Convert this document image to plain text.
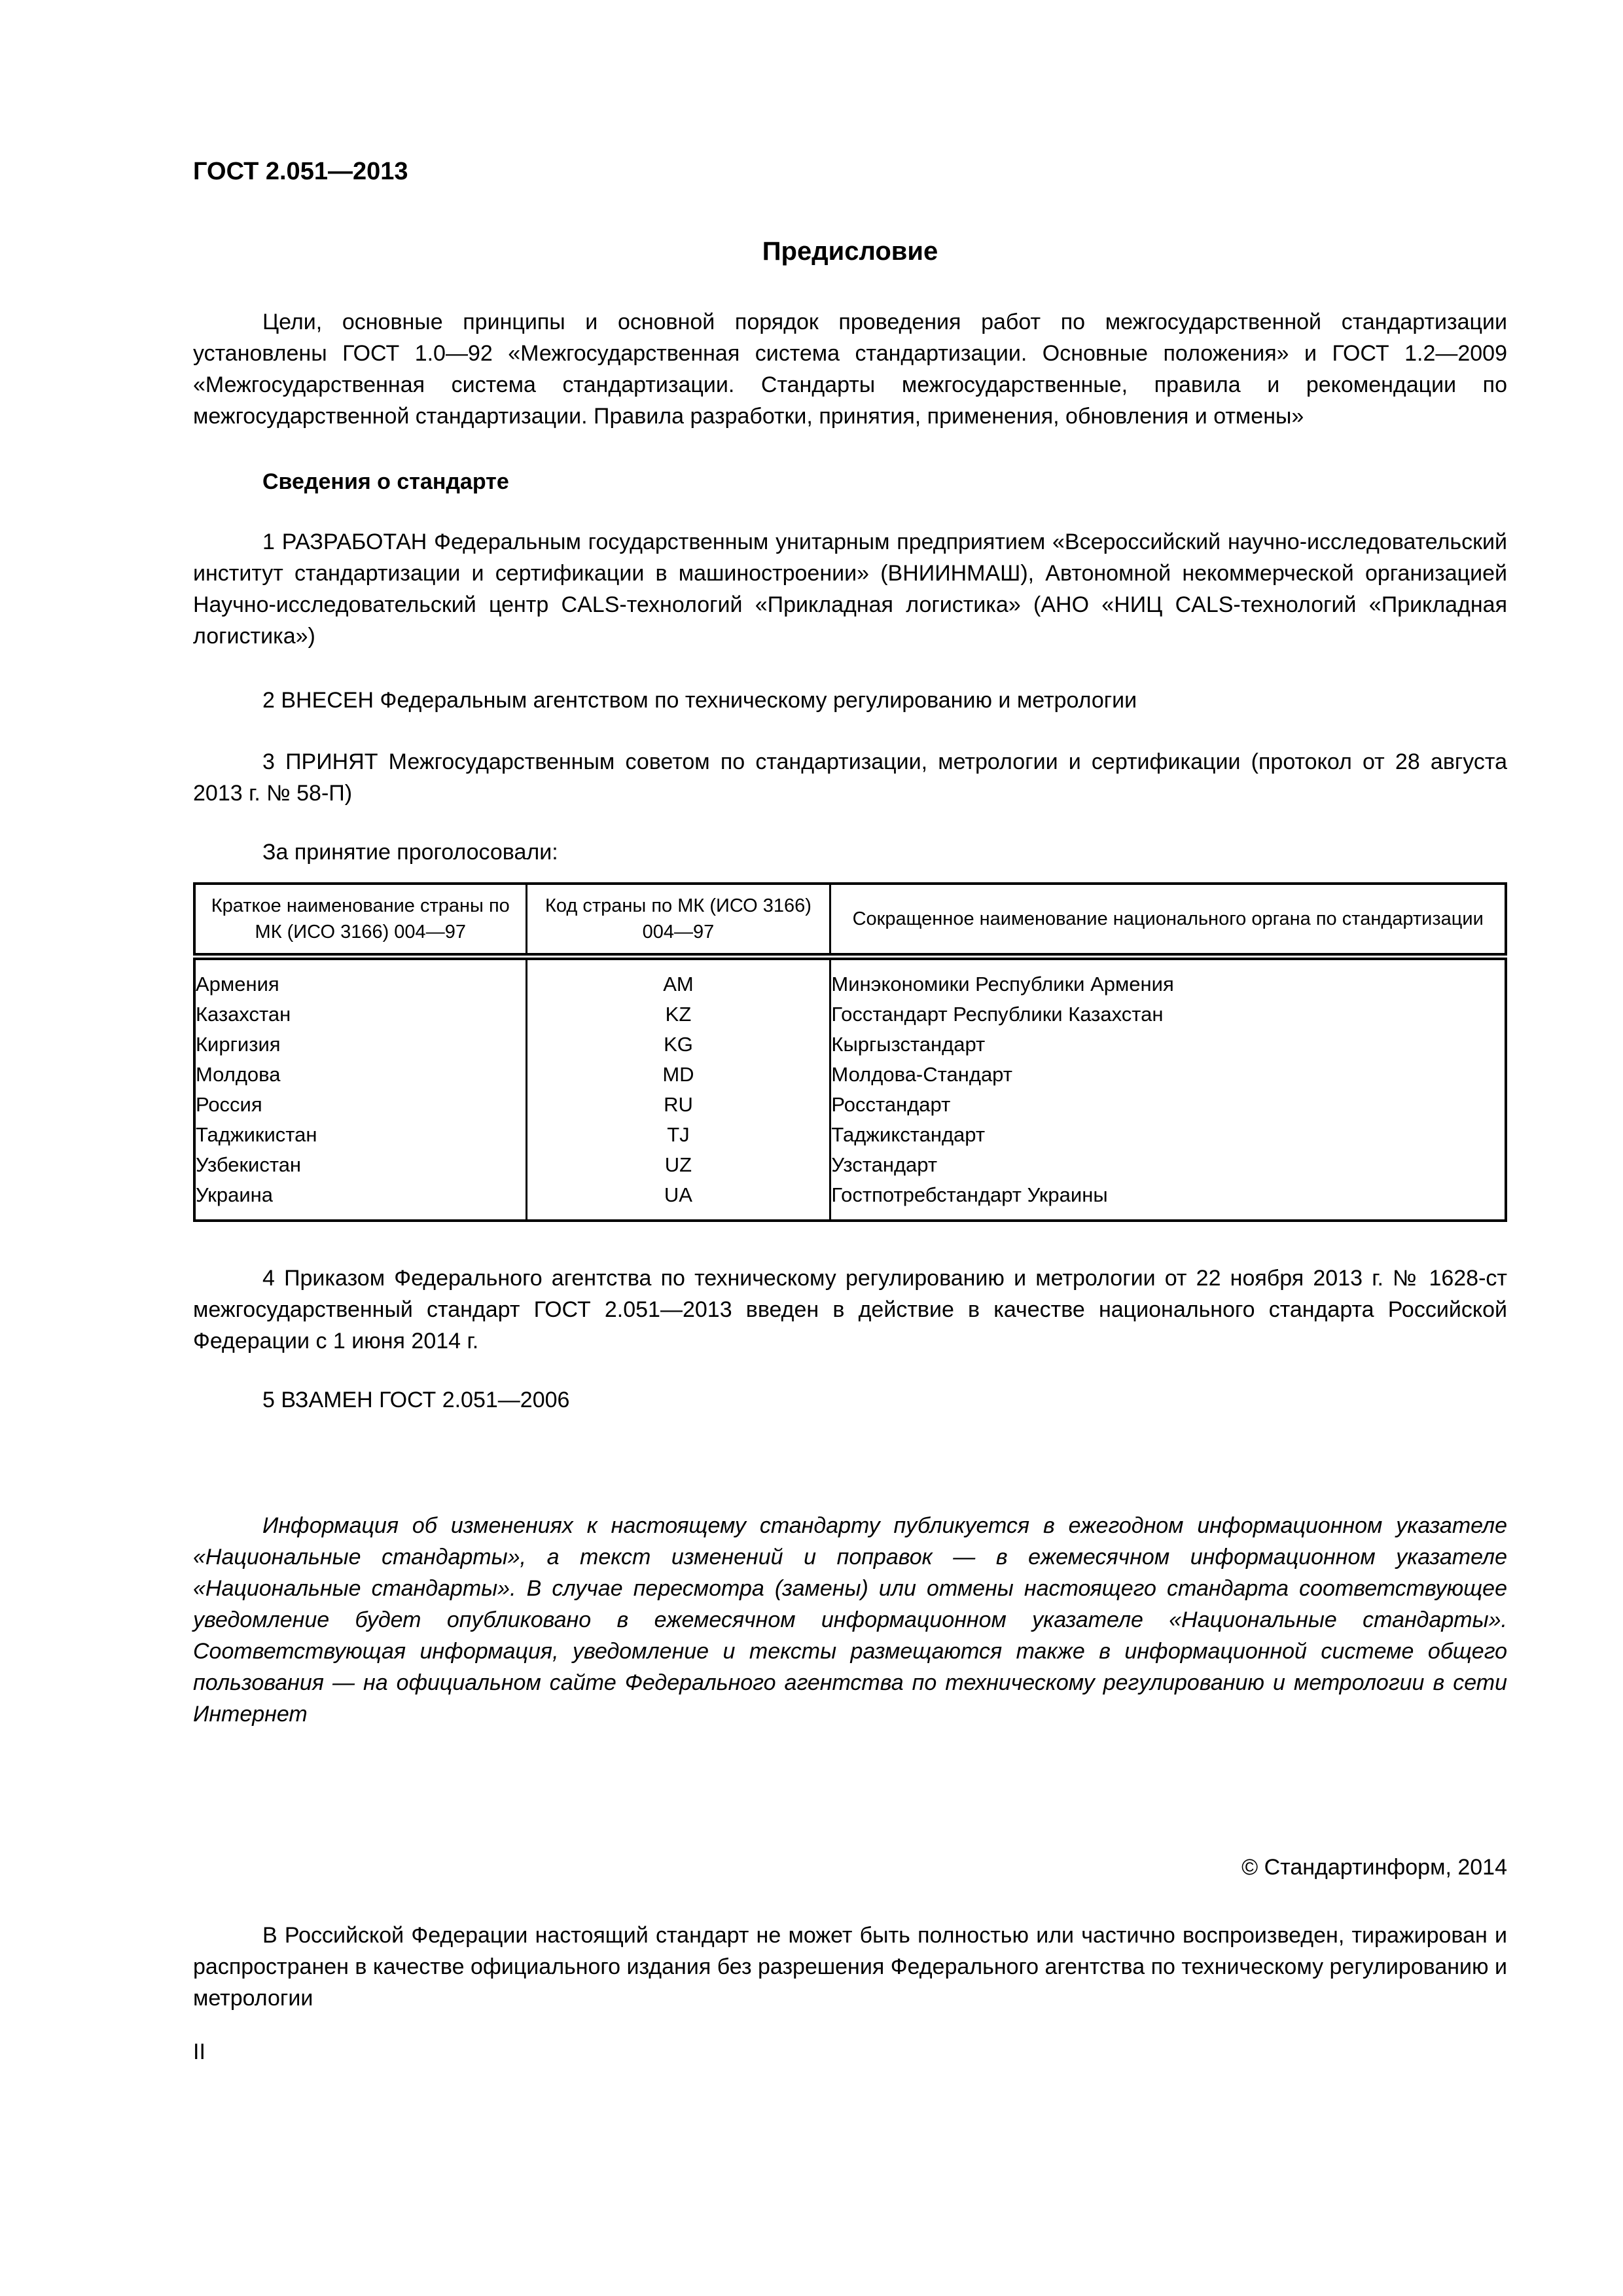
ГОСТ 2.051—2013
Предисловие

Цели, основные принципы и основной порядок проведения работ по межгосударственной стандартизации установлены ГОСТ 1.0—92 «Межгосударственная система стандартизации. Основные положения» и ГОСТ 1.2—2009 «Межгосударственная система стандартизации. Стандарты межгосударственные, правила и рекомендации по межгосударственной стандартизации. Правила разработки, принятия, применения, обновления и отмены»

Сведения о стандарте

1 РАЗРАБОТАН Федеральным государственным унитарным предприятием «Всероссийский научно-исследовательский институт стандартизации и сертификации в машиностроении» (ВНИИНМАШ), Автономной некоммерческой организацией Научно-исследовательский центр CALS-технологий «Прикладная логистика» (АНО «НИЦ CALS-технологий «Прикладная логистика»)

2 ВНЕСЕН Федеральным агентством по техническому регулированию и метрологии

3 ПРИНЯТ Межгосударственным советом по стандартизации, метрологии и сертификации (протокол от 28 августа 2013 г. № 58-П)

За принятие проголосовали:

Краткое наименование страны по МК (ИСО 3166) 004—97	Код страны по МК (ИСО 3166) 004—97	Сокращенное наименование национального органа по стандартизации
Армения	AM	Минэкономики Республики Армения
Казахстан	KZ	Госстандарт Республики Казахстан
Киргизия	KG	Кыргызстандарт
Молдова	MD	Молдова-Стандарт
Россия	RU	Росстандарт
Таджикистан	TJ	Таджикстандарт
Узбекистан	UZ	Узстандарт
Украина	UA	Гостпотребстандарт Украины

4 Приказом Федерального агентства по техническому регулированию и метрологии от 22 ноября 2013 г. № 1628-ст межгосударственный стандарт ГОСТ 2.051—2013 введен в действие в качестве национального стандарта Российской Федерации с 1 июня 2014 г.

5 ВЗАМЕН ГОСТ 2.051—2006

Информация об изменениях к настоящему стандарту публикуется в ежегодном информационном указателе «Национальные стандарты», а текст изменений и поправок — в ежемесячном информационном указателе «Национальные стандарты». В случае пересмотра (замены) или отмены настоящего стандарта соответствующее уведомление будет опубликовано в ежемесячном информационном указателе «Национальные стандарты». Соответствующая информация, уведомление и тексты размещаются также в информационной системе общего пользования — на официальном сайте Федерального агентства по техническому регулированию и метрологии в сети Интернет

© Стандартинформ, 2014

В Российской Федерации настоящий стандарт не может быть полностью или частично воспроизведен, тиражирован и распространен в качестве официального издания без разрешения Федерального агентства по техническому регулированию и метрологии

II
